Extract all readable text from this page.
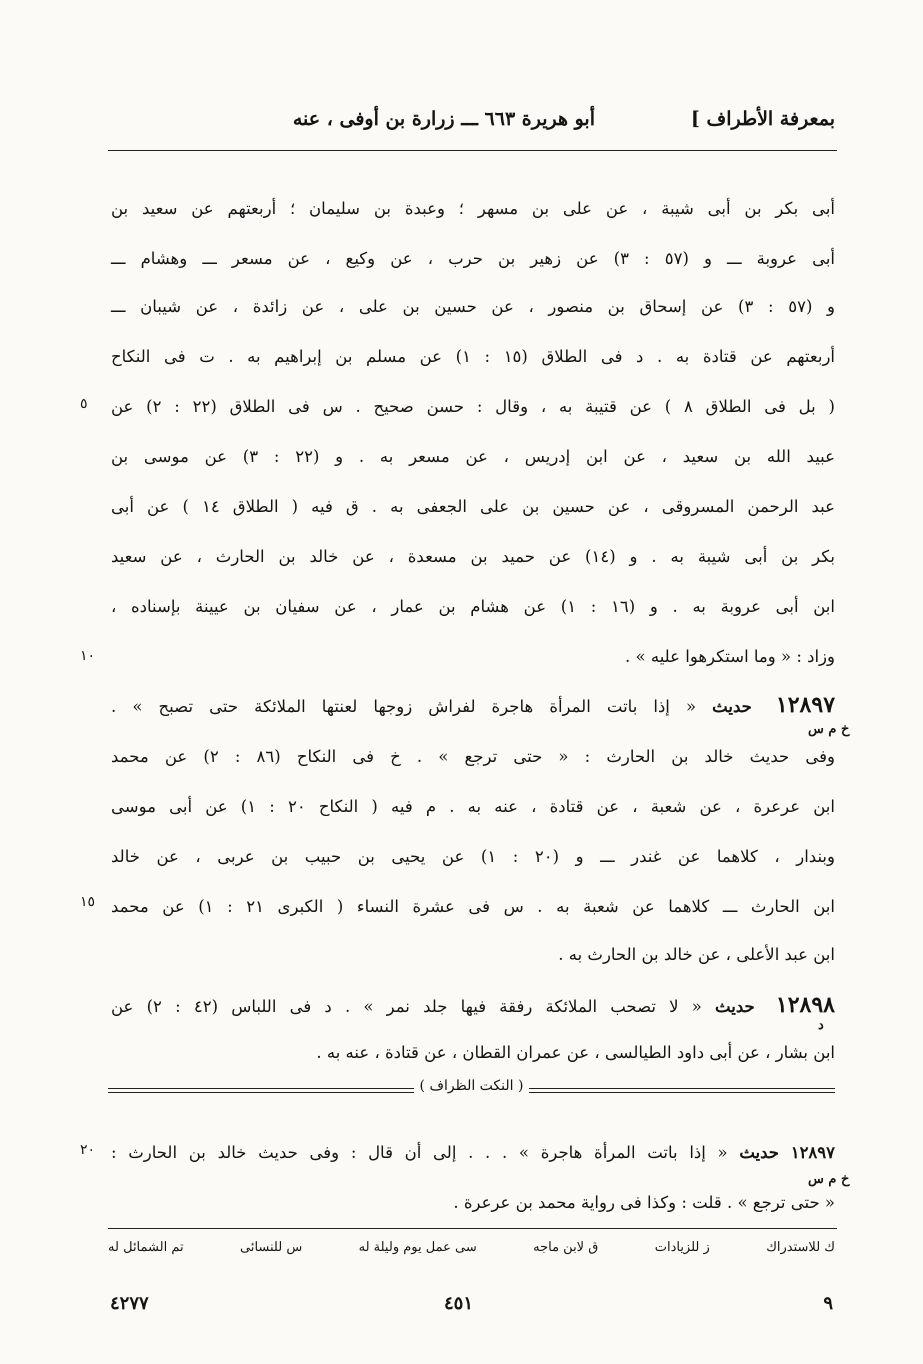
بمعرفة الأطراف ]
أبو هريرة ٦٦٣ ـــ زرارة بن أوفى ، عنه
أبى بكر بن أبى شيبة ، عن على بن مسهر ؛ وعبدة بن سليمان ؛ أربعتهم عن سعيد بن
أبى عروبة ـــ و (٥٧ : ٣) عن زهير بن حرب ، عن وكيع ، عن مسعر ـــ وهشام ـــ
و (٥٧ : ٣) عن إسحاق بن منصور ، عن حسين بن على ، عن زائدة ، عن شيبان ـــ
أربعتهم عن قتادة به . د فى الطلاق (١٥ : ١) عن مسلم بن إبراهيم به . ت فى النكاح
( بل فى الطلاق ٨ ) عن قتيبة به ، وقال : حسن صحيح . س فى الطلاق (٢٢ : ٢) عن
عبيد الله بن سعيد ، عن ابن إدريس ، عن مسعر به . و (٢٢ : ٣) عن موسى بن
عبد الرحمن المسروقى ، عن حسين بن على الجعفى به . ق فيه ( الطلاق ١٤ ) عن أبى
بكر بن أبى شيبة به . و (١٤) عن حميد بن مسعدة ، عن خالد بن الحارث ، عن سعيد
ابن أبى عروبة به . و (١٦ : ١) عن هشام بن عمار ، عن سفيان بن عيينة بإسناده ،
وزاد : « وما استكرهوا عليه » .
٥
١٠
١٢٨٩٧ حديث « إذا باتت المرأة هاجرة لفراش زوجها لعنتها الملائكة حتى تصبح » .
خ م س
وفى حديث خالد بن الحارث : « حتى ترجع » . خ فى النكاح (٨٦ : ٢) عن محمد
ابن عرعرة ، عن شعبة ، عن قتادة ، عنه به . م فيه ( النكاح ٢٠ : ١) عن أبى موسى
وبندار ، كلاهما عن غندر ـــ و (٢٠ : ١) عن يحيى بن حبيب بن عربى ، عن خالد
ابن الحارث ـــ كلاهما عن شعبة به . س فى عشرة النساء ( الكبرى ٢١ : ١) عن محمد
ابن عبد الأعلى ، عن خالد بن الحارث به .
١٥
١٢٨٩٨ حديث « لا تصحب الملائكة رفقة فيها جلد نمر » . د فى اللباس (٤٢ : ٢) عن
د
ابن بشار ، عن أبى داود الطيالسى ، عن عمران القطان ، عن قتادة ، عنه به .
( النكت الظراف )
١٢٨٩٧ حديث « إذا باتت المرأة هاجرة » . . . إلى أن قال : وفى حديث خالد بن الحارث :
خ م س
« حتى ترجع » . قلت : وكذا فى رواية محمد بن عرعرة .
٢٠
تم الشمائل له	س للنسائى	سى عمل يوم وليلة له	ق لابن ماجه	ز للزيادات	ك للاستدراك
٩
٤٥١
٤٢٧٧
